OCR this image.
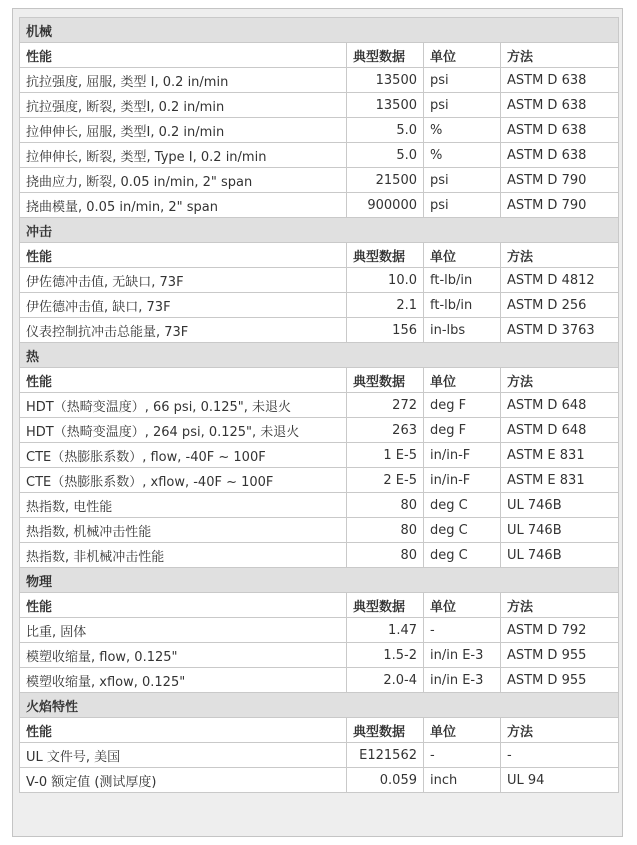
机械			
性能	典型数据	单位	方法
抗拉强度, 屈服, 类型 I, 0.2 in/min	13500	psi	ASTM D 638
抗拉强度, 断裂, 类型I, 0.2 in/min	13500	psi	ASTM D 638
拉伸伸长, 屈服, 类型I, 0.2 in/min	5.0	%	ASTM D 638
拉伸伸长, 断裂, 类型, Type I, 0.2 in/min	5.0	%	ASTM D 638
挠曲应力, 断裂, 0.05 in/min, 2" span	21500	psi	ASTM D 790
挠曲模量, 0.05 in/min, 2" span	900000	psi	ASTM D 790
冲击			
性能	典型数据	单位	方法
伊佐德冲击值, 无缺口, 73F	10.0	ft-lb/in	ASTM D 4812
伊佐德冲击值, 缺口, 73F	2.1	ft-lb/in	ASTM D 256
仪表控制抗冲击总能量, 73F	156	in-lbs	ASTM D 3763
热			
性能	典型数据	单位	方法
HDT（热畸变温度）, 66 psi, 0.125", 未退火	272	deg F	ASTM D 648
HDT（热畸变温度）, 264 psi, 0.125", 未退火	263	deg F	ASTM D 648
CTE（热膨胀系数）, flow, -40F ~ 100F	1 E-5	in/in-F	ASTM E 831
CTE（热膨胀系数）, xflow, -40F ~ 100F	2 E-5	in/in-F	ASTM E 831
热指数, 电性能	80	deg C	UL 746B
热指数, 机械冲击性能	80	deg C	UL 746B
热指数, 非机械冲击性能	80	deg C	UL 746B
物理			
性能	典型数据	单位	方法
比重, 固体	1.47	-	ASTM D 792
模塑收缩量, flow, 0.125"	1.5-2	in/in E-3	ASTM D 955
模塑收缩量, xflow, 0.125"	2.0-4	in/in E-3	ASTM D 955
火焰特性			
性能	典型数据	单位	方法
UL 文件号, 美国	E121562	-	-
V-0 额定值 (测试厚度)	0.059	inch	UL 94
